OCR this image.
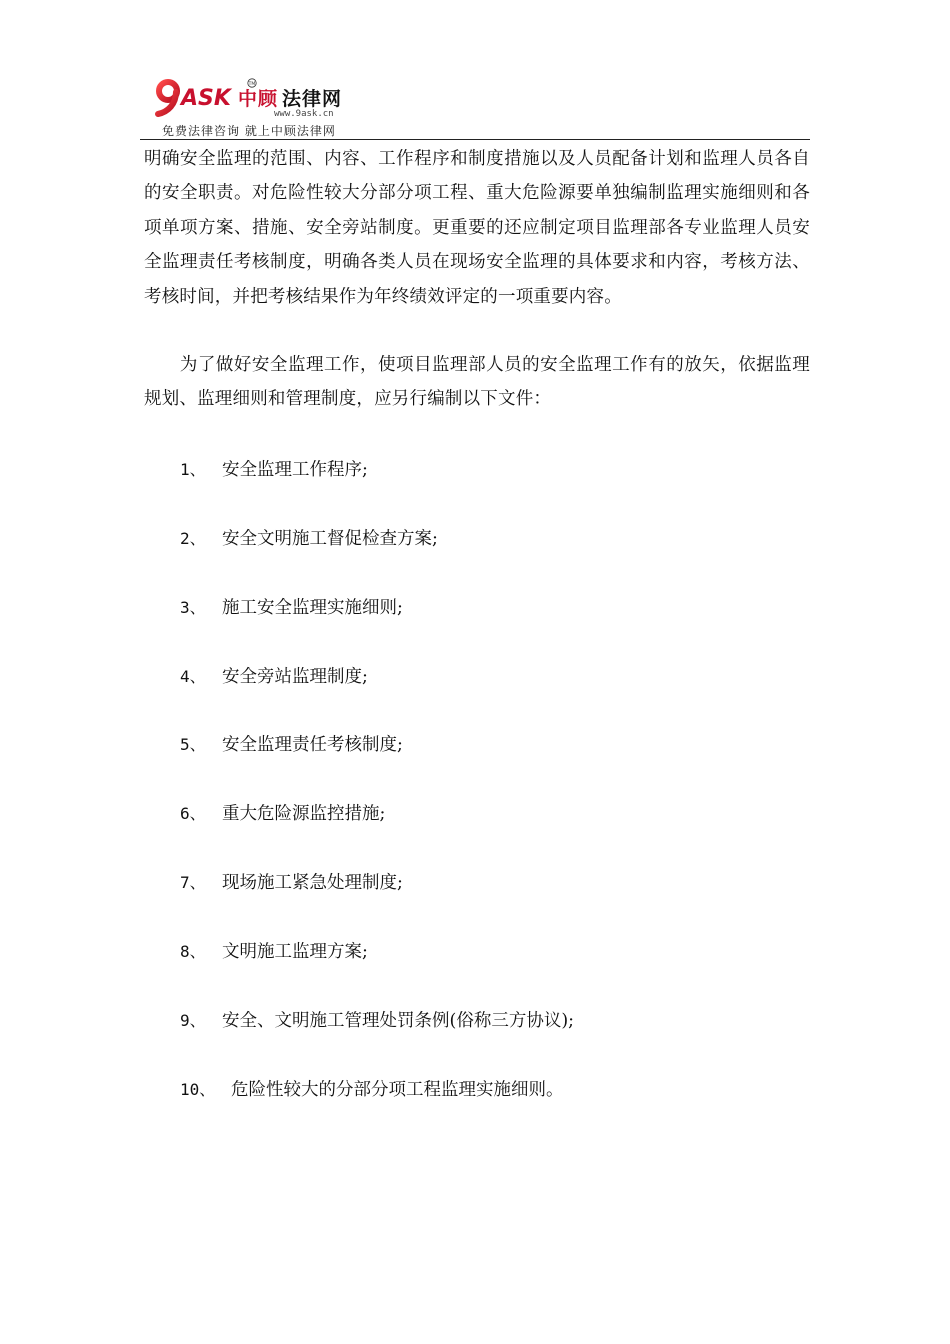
ASK
TM
中顾 法律网
www.9ask.cn
免费法律咨询 就上中顾法律网

明确安全监理的范围、内容、工作程序和制度措施以及人员配备计划和监理人员各自的安全职责。对危险性较大分部分项工程、重大危险源要单独编制监理实施细则和各项单项方案、措施、安全旁站制度。更重要的还应制定项目监理部各专业监理人员安全监理责任考核制度，明确各类人员在现场安全监理的具体要求和内容，考核方法、考核时间，并把考核结果作为年终绩效评定的一项重要内容。

为了做好安全监理工作，使项目监理部人员的安全监理工作有的放矢，依据监理规划、监理细则和管理制度，应另行编制以下文件：

1、 安全监理工作程序;
2、 安全文明施工督促检查方案;
3、 施工安全监理实施细则;
4、 安全旁站监理制度;
5、 安全监理责任考核制度;
6、 重大危险源监控措施;
7、 现场施工紧急处理制度;
8、 文明施工监理方案;
9、 安全、文明施工管理处罚条例(俗称三方协议);
10、 危险性较大的分部分项工程监理实施细则。
